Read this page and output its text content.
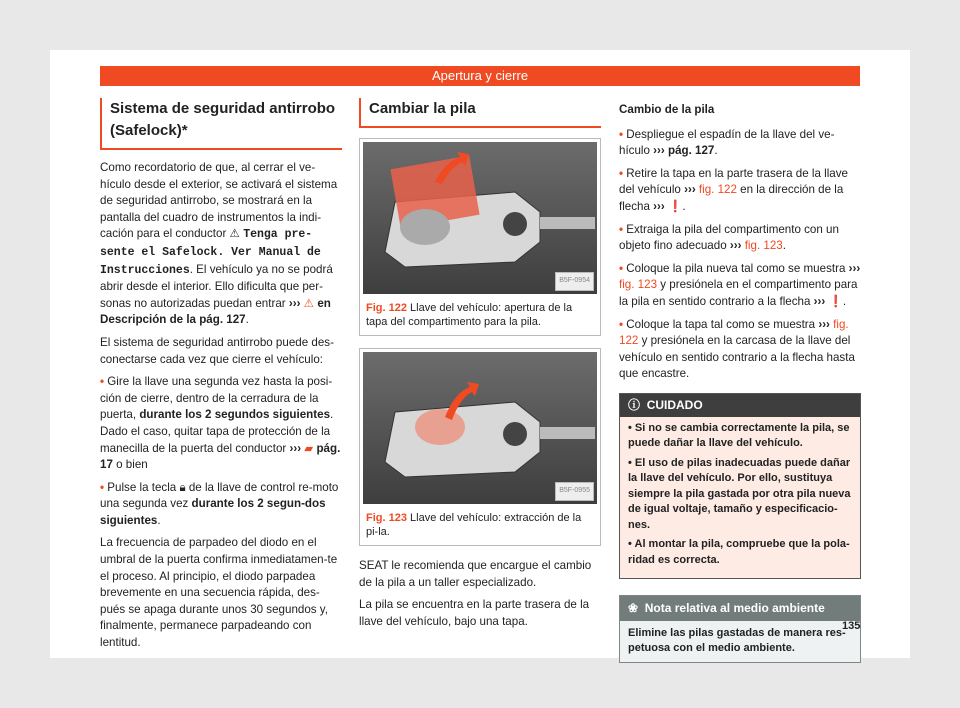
Apertura y cierre
Sistema de seguridad antirrobo (Safelock)*

Como recordatorio de que, al cerrar el ve-hículo desde el exterior, se activará el sistema de seguridad antirrobo, se mostrará en la pantalla del cuadro de instrumentos la indi-cación para el conductor ⚠ Tenga pre-sente el Safelock. Ver Manual de Instrucciones. El vehículo ya no se podrá abrir desde el interior. Ello dificulta que per-sonas no autorizadas puedan entrar ››› ⚠ en Descripción de la pág. 127.

El sistema de seguridad antirrobo puede des-conectarse cada vez que cierre el vehículo:

• Gire la llave una segunda vez hasta la posi-ción de cierre, dentro de la cerradura de la puerta, durante los 2 segundos siguientes. Dado el caso, quitar tapa de protección de la manecilla de la puerta del conductor ››› ▰ pág. 17 o bien

• Pulse la tecla 🔒︎ de la llave de control re-moto una segunda vez durante los 2 segun-dos siguientes.

La frecuencia de parpadeo del diodo en el umbral de la puerta confirma inmediatamen-te el proceso. Al principio, el diodo parpadea brevemente en una secuencia rápida, des-pués se apaga durante unos 30 segundos y, finalmente, permanece parpadeando con lentitud.

Cambiar la pila
B5F-0954
Fig. 122 Llave del vehículo: apertura de la tapa del compartimento para la pila.
B5F-0955
Fig. 123 Llave del vehículo: extracción de la pi-la.

SEAT le recomienda que encargue el cambio de la pila a un taller especializado.

La pila se encuentra en la parte trasera de la llave del vehículo, bajo una tapa.

Cambio de la pila

• Despliegue el espadín de la llave del ve-hículo ››› pág. 127.

• Retire la tapa en la parte trasera de la llave del vehículo ››› fig. 122 en la dirección de la flecha ››› ❗.

• Extraiga la pila del compartimento con un objeto fino adecuado ››› fig. 123.

• Coloque la pila nueva tal como se muestra ››› fig. 123 y presiónela en el compartimento para la pila en sentido contrario a la flecha ››› ❗.

• Coloque la tapa tal como se muestra ››› fig. 122 y presiónela en la carcasa de la llave del vehículo en sentido contrario a la flecha hasta que encastre.

ⓘ CUIDADO

• Si no se cambia correctamente la pila, se puede dañar la llave del vehículo.

• El uso de pilas inadecuadas puede dañar la llave del vehículo. Por ello, sustituya siempre la pila gastada por otra pila nueva de igual voltaje, tamaño y especificacio-nes.

• Al montar la pila, compruebe que la pola-ridad es correcta.

❀ Nota relativa al medio ambiente
Elimine las pilas gastadas de manera res-petuosa con el medio ambiente.
135
